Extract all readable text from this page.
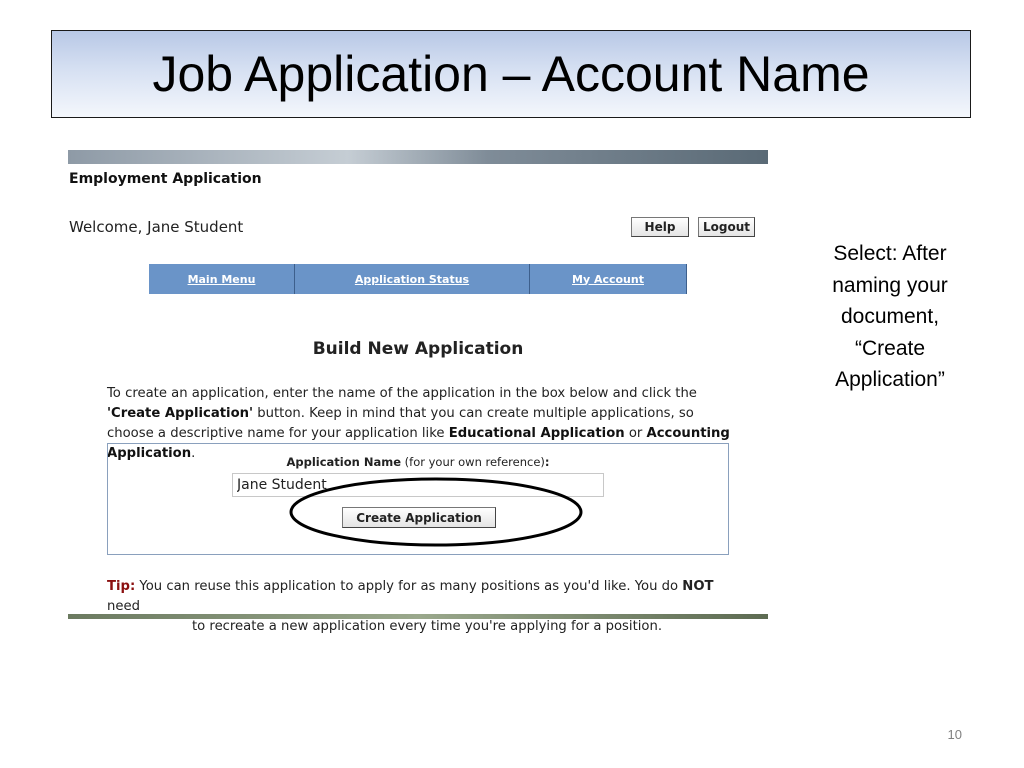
Job Application – Account Name
Employment Application
Welcome, Jane Student	Help	Logout
Main Menu	Application Status	My Account
Build New Application
To create an application, enter the name of the application in the box below and click the 'Create Application' button. Keep in mind that you can create multiple applications, so choose a descriptive name for your application like Educational Application or Accounting Application.
Application Name (for your own reference):
Jane Student
Create Application
Tip: You can reuse this application to apply for as many positions as you'd like. You do NOT need
to recreate a new application every time you're applying for a position.
Select: After naming your document, “Create Application”
10
